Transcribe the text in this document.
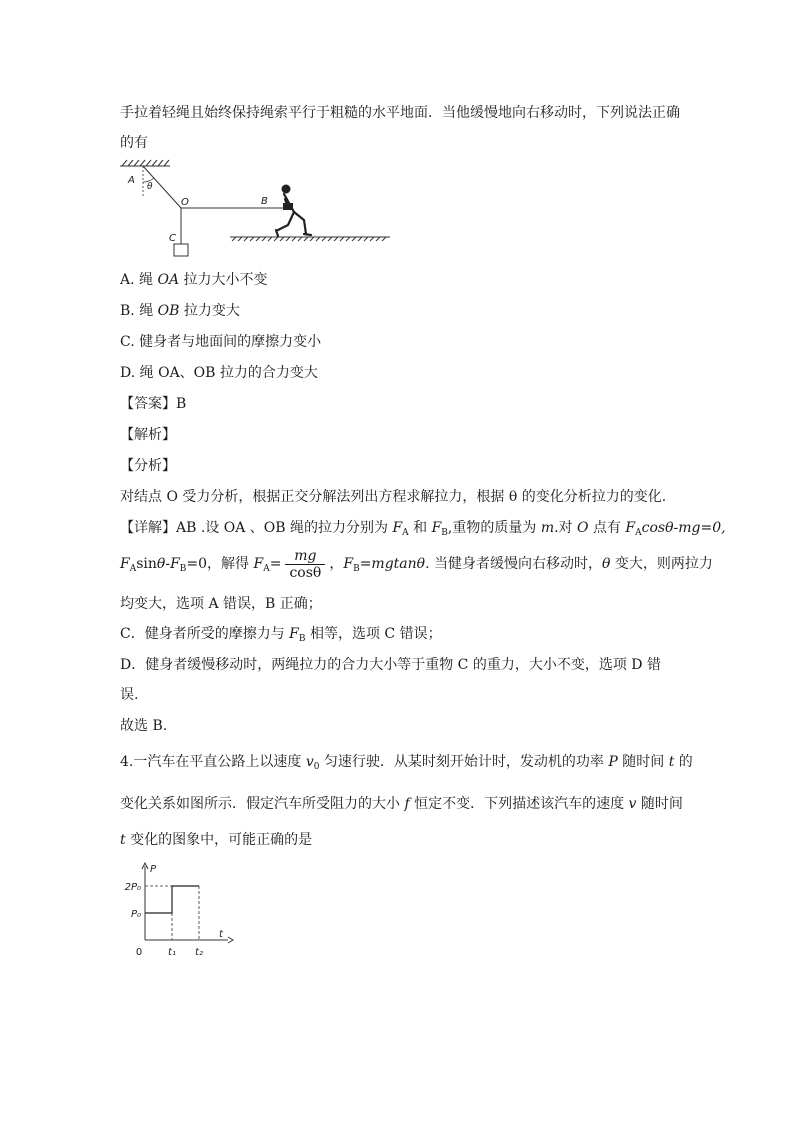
手拉着轻绳且始终保持绳索平行于粗糙的水平地面．当他缓慢地向右移动时，下列说法正确
的有
A
θ
O	B
C
A. 绳 OA 拉力大小不变
B. 绳 OB 拉力变大
C. 健身者与地面间的摩擦力变小
D. 绳 OA、OB 拉力的合力变大
【答案】B
【解析】
【分析】
对结点 O 受力分析，根据正交分解法列出方程求解拉力，根据 θ 的变化分析拉力的变化.
【详解】AB .设 OA 、OB 绳的拉力分别为 $F_A$ 和 $F_B$,重物的质量为 m.对 O 点有 $F_A\cos\theta-mg=0$,
$F_A\sin\theta-F_B=0$，解得 $F_A= \frac{mg}{\cos\theta}$ ，$F_B=mgtan\theta$. 当健身者缓慢向右移动时，θ 变大，则两拉力
均变大，选项 A 错误，B 正确；
C．健身者所受的摩擦力与 $F_B$ 相等，选项 C 错误；
D．健身者缓慢移动时，两绳拉力的合力大小等于重物 C 的重力，大小不变，选项 D 错
误.
故选 B.
4.一汽车在平直公路上以速度 $v_0$ 匀速行驶．从某时刻开始计时，发动机的功率 P 随时间 t 的
变化关系如图所示．假定汽车所受阻力的大小 f 恒定不变．下列描述该汽车的速度 v 随时间
t 变化的图象中，可能正确的是
P
t
0	t₁ t₂
P₀
2P₀
